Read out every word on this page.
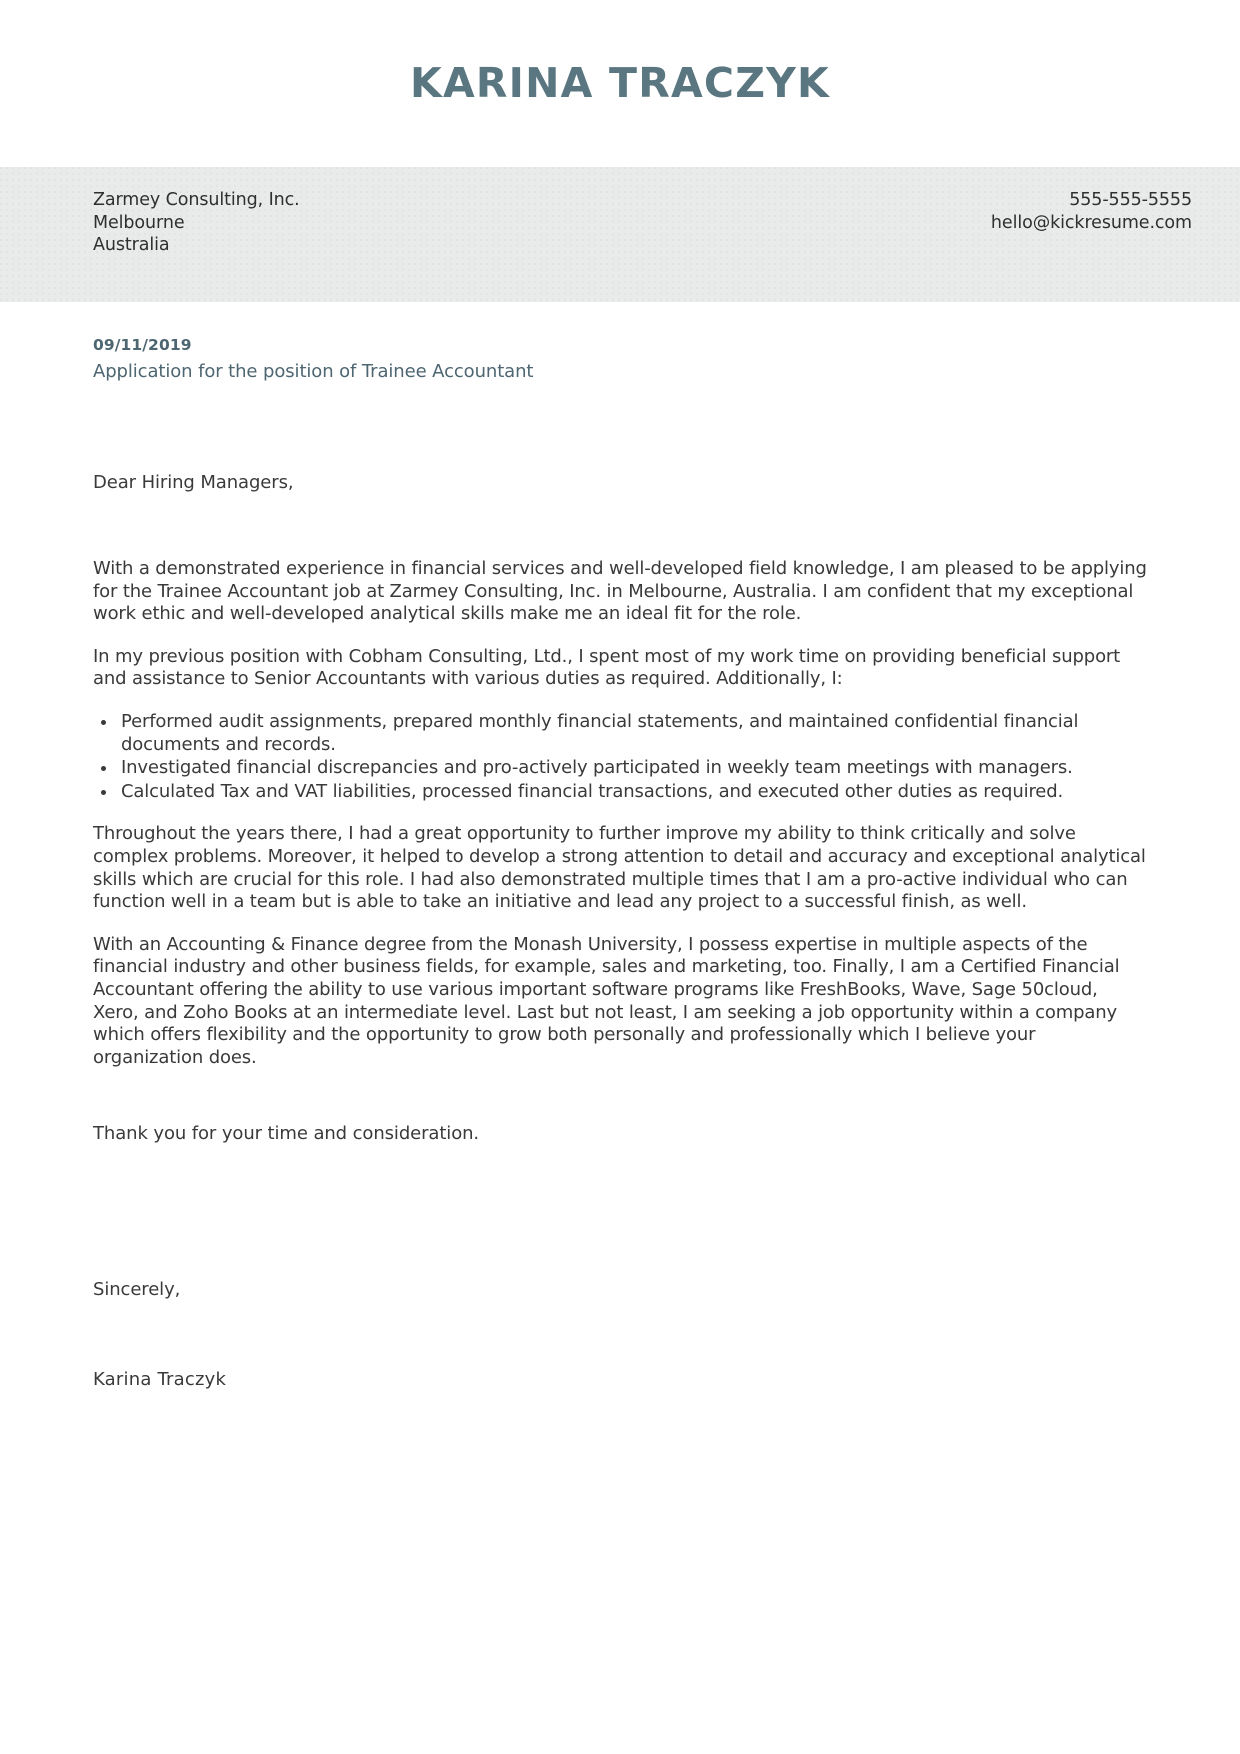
KARINA TRACZYK
Zarmey Consulting, Inc.
Melbourne
Australia
555-555-5555
hello@kickresume.com
09/11/2019
Application for the position of Trainee Accountant
Dear Hiring Managers,

With a demonstrated experience in financial services and well-developed field knowledge, I am pleased to be applying for the Trainee Accountant job at Zarmey Consulting, Inc. in Melbourne, Australia. I am confident that my exceptional work ethic and well-developed analytical skills make me an ideal fit for the role.

In my previous position with Cobham Consulting, Ltd., I spent most of my work time on providing beneficial support and assistance to Senior Accountants with various duties as required. Additionally, I:

Performed audit assignments, prepared monthly financial statements, and maintained confidential financial documents and records.
Investigated financial discrepancies and pro-actively participated in weekly team meetings with managers.
Calculated Tax and VAT liabilities, processed financial transactions, and executed other duties as required.

Throughout the years there, I had a great opportunity to further improve my ability to think critically and solve complex problems. Moreover, it helped to develop a strong attention to detail and accuracy and exceptional analytical skills which are crucial for this role. I had also demonstrated multiple times that I am a pro-active individual who can function well in a team but is able to take an initiative and lead any project to a successful finish, as well.

With an Accounting & Finance degree from the Monash University, I possess expertise in multiple aspects of the financial industry and other business fields, for example, sales and marketing, too. Finally, I am a Certified Financial Accountant offering the ability to use various important software programs like FreshBooks, Wave, Sage 50cloud, Xero, and Zoho Books at an intermediate level. Last but not least, I am seeking a job opportunity within a company which offers flexibility and the opportunity to grow both personally and professionally which I believe your organization does.

Thank you for your time and consideration.
Sincerely,
Karina Traczyk
